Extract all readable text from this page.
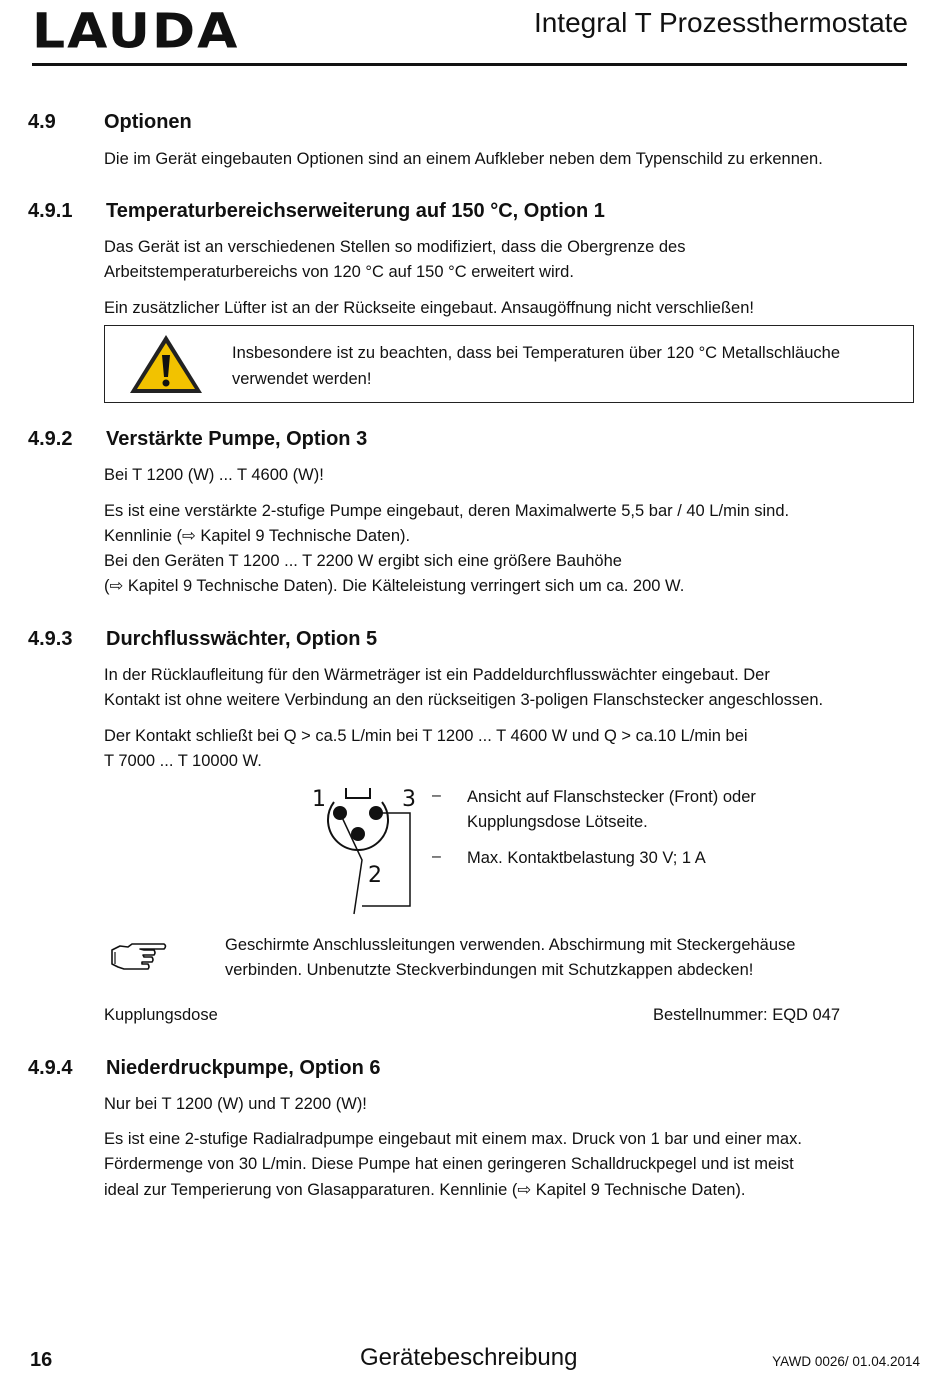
LAUDA	Integral T Prozessthermostate
4.9 Optionen

Die im Gerät eingebauten Optionen sind an einem Aufkleber neben dem Typenschild zu erkennen.

4.9.1 Temperaturbereichserweiterung auf 150 °C, Option 1

Das Gerät ist an verschiedenen Stellen so modifiziert, dass die Obergrenze des

Arbeitstemperaturbereichs von 120 °C auf 150 °C erweitert wird.

Ein zusätzlicher Lüfter ist an der Rückseite eingebaut. Ansaugöffnung nicht verschließen!

Insbesondere ist zu beachten, dass bei Temperaturen über 120 °C Metallschläuche
verwendet werden!
4.9.2 Verstärkte Pumpe, Option 3

Bei T 1200 (W) ... T 4600 (W)!

Es ist eine verstärkte 2-stufige Pumpe eingebaut, deren Maximalwerte 5,5 bar / 40 L/min sind.

Kennlinie (⇨ Kapitel 9 Technische Daten).

Bei den Geräten T 1200 ... T 2200 W ergibt sich eine größere Bauhöhe

(⇨ Kapitel 9 Technische Daten). Die Kälteleistung verringert sich um ca. 200 W.

4.9.3 Durchflusswächter, Option 5

In der Rücklaufleitung für den Wärmeträger ist ein Paddeldurchflusswächter eingebaut. Der

Kontakt ist ohne weitere Verbindung an den rückseitigen 3-poligen Flanschstecker angeschlossen.

Der Kontakt schließt bei Q > ca.5 L/min bei T 1200 ... T 4600 W und Q > ca.10 L/min bei

T 7000 ... T 10000 W.

1	3
2
– Ansicht auf Flanschstecker (Front) oder

Kupplungsdose Lötseite.

– Max. Kontaktbelastung 30 V; 1 A

Geschirmte Anschlussleitungen verwenden. Abschirmung mit Steckergehäuse

verbinden. Unbenutzte Steckverbindungen mit Schutzkappen abdecken!

Kupplungsdose	Bestellnummer: EQD 047

4.9.4 Niederdruckpumpe, Option 6

Nur bei T 1200 (W) und T 2200 (W)!

Es ist eine 2-stufige Radialradpumpe eingebaut mit einem max. Druck von 1 bar und einer max.

Fördermenge von 30 L/min. Diese Pumpe hat einen geringeren Schalldruckpegel und ist meist

ideal zur Temperierung von Glasapparaturen. Kennlinie (⇨ Kapitel 9 Technische Daten).

16	Gerätebeschreibung	YAWD 0026/ 01.04.2014
